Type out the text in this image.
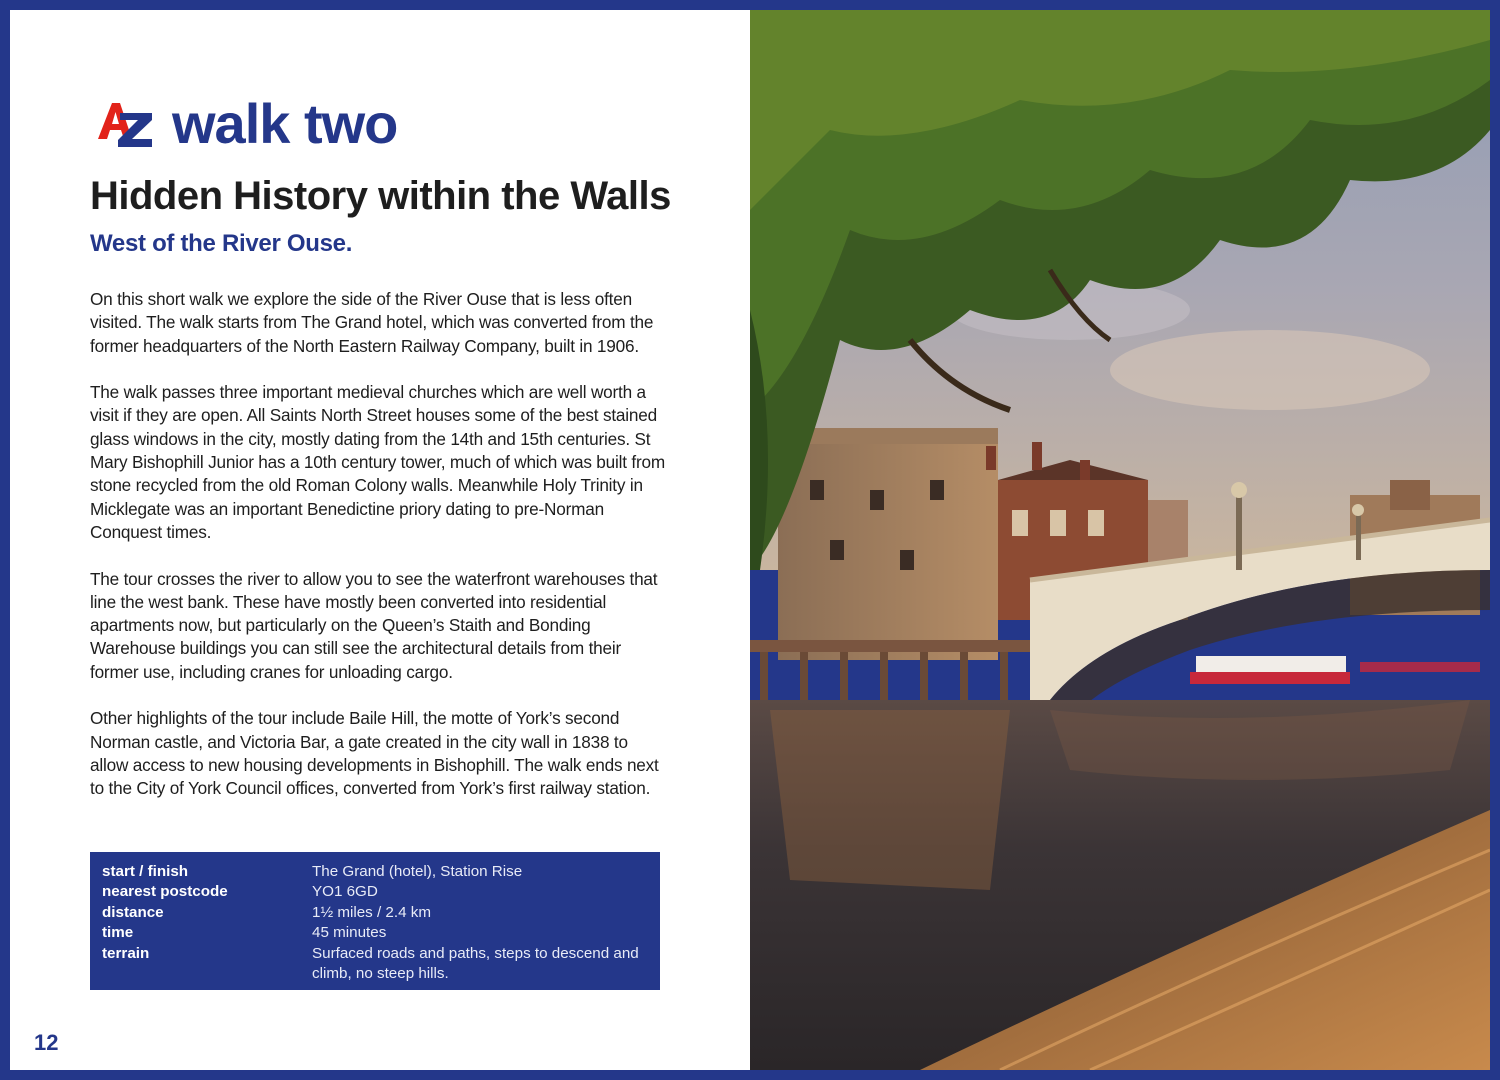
walk two
Hidden History within the Walls
West of the River Ouse.

On this short walk we explore the side of the River Ouse that is less often visited. The walk starts from The Grand hotel, which was converted from the former headquarters of the North Eastern Railway Company, built in 1906.

The walk passes three important medieval churches which are well worth a visit if they are open. All Saints North Street houses some of the best stained glass windows in the city, mostly dating from the 14th and 15th centuries. St Mary Bishophill Junior has a 10th century tower, much of which was built from stone recycled from the old Roman Colony walls. Meanwhile Holy Trinity in Micklegate was an important Benedictine priory dating to pre-Norman Conquest times.

The tour crosses the river to allow you to see the waterfront warehouses that line the west bank. These have mostly been converted into residential apartments now, but particularly on the Queen’s Staith and Bonding Warehouse buildings you can still see the architectural details from their former use, including cranes for unloading cargo.

Other highlights of the tour include Baile Hill, the motte of York’s second Norman castle, and Victoria Bar, a gate created in the city wall in 1838 to allow access to new housing developments in Bishophill. The walk ends next to the City of York Council offices, converted from York’s first railway station.

start / finish	The Grand (hotel), Station Rise
nearest postcode	YO1 6GD
distance	1½ miles / 2.4 km
time	45 minutes
terrain	Surfaced roads and paths, steps to descend and climb, no steep hills.
12
